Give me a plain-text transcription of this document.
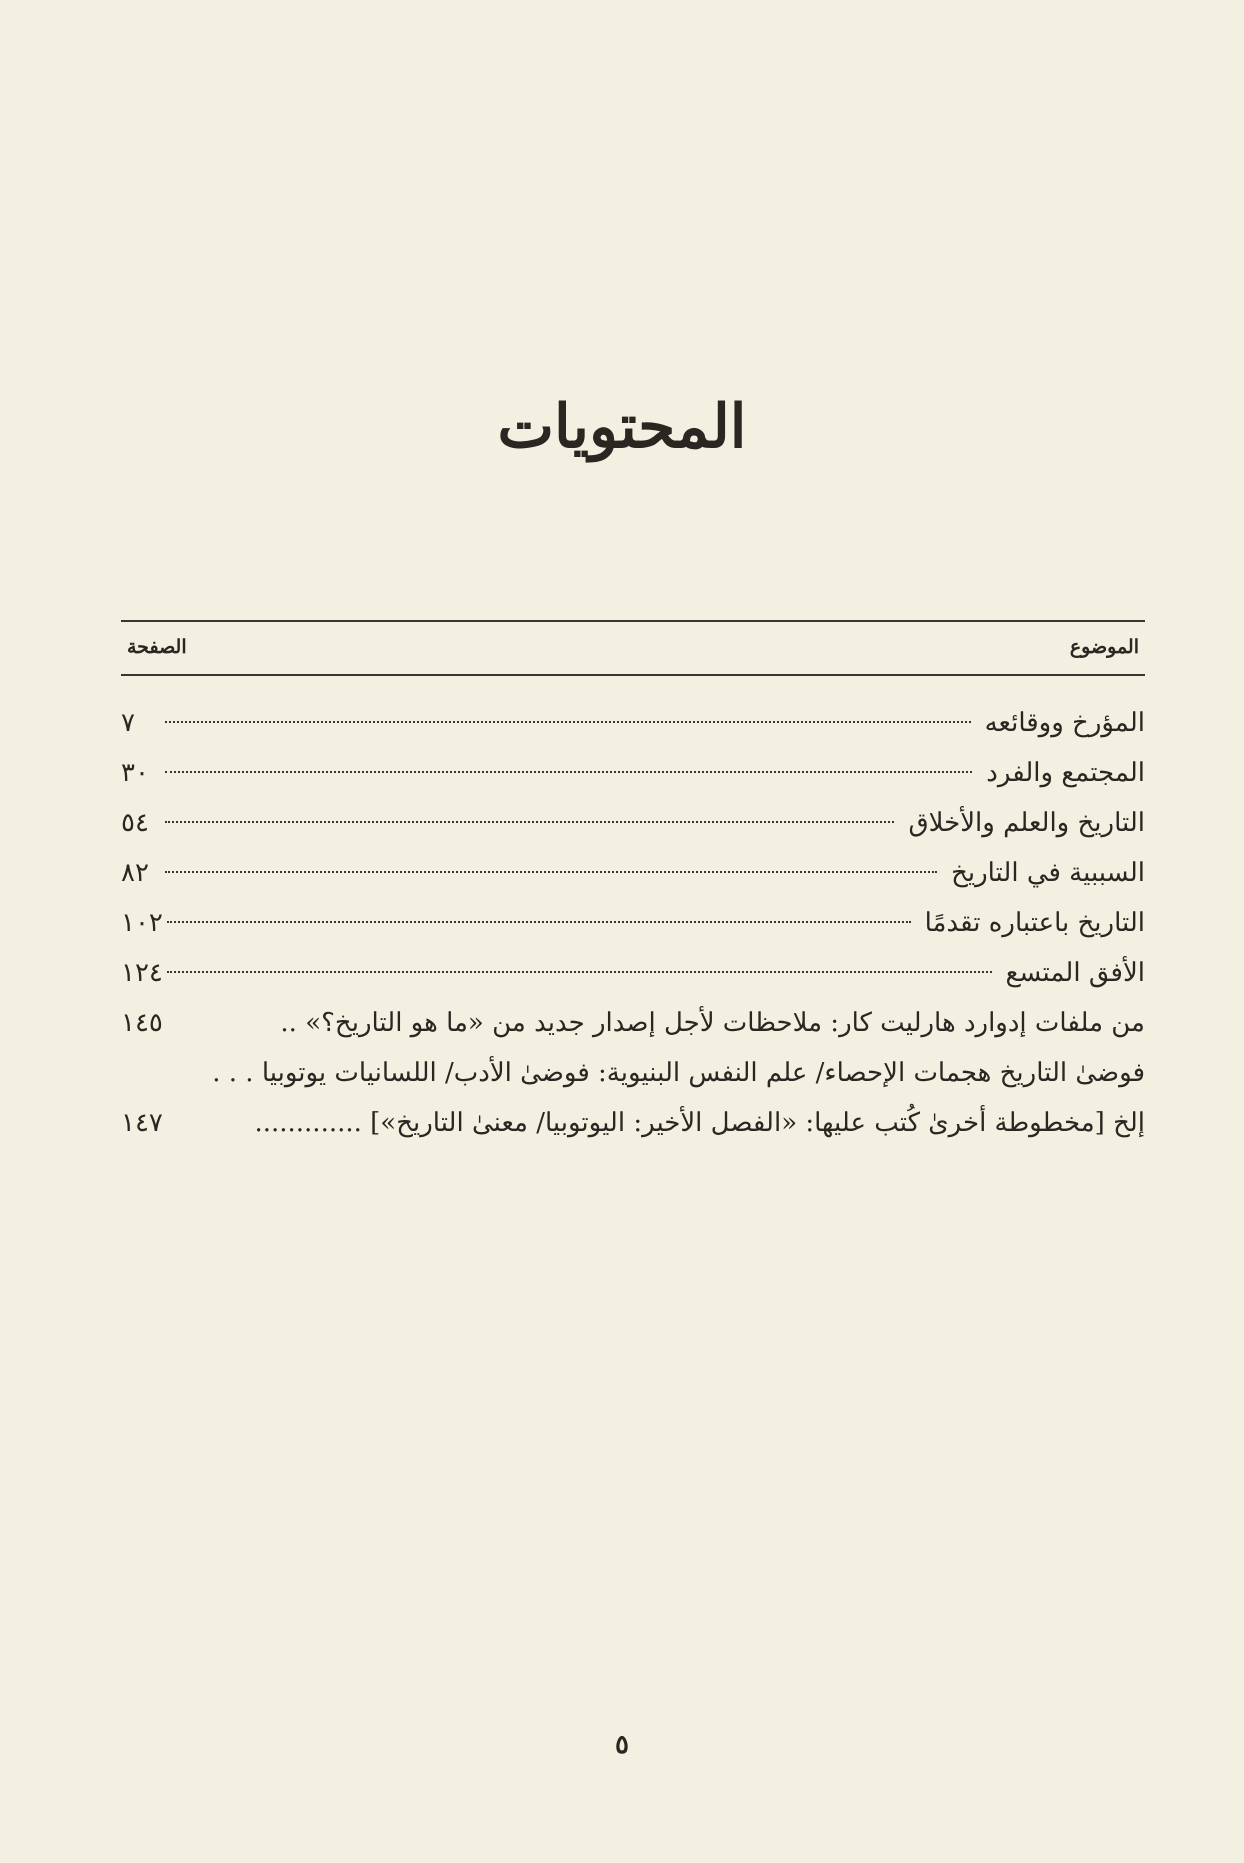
المحتويات
الموضوع
الصفحة
المؤرخ ووقائعه
٧
المجتمع والفرد
٣٠
التاريخ والعلم والأخلاق
٥٤
السببية في التاريخ
٨٢
التاريخ باعتباره تقدمًا
١٠٢
الأفق المتسع
١٢٤
من ملفات إدوارد هارليت كار: ملاحظات لأجل إصدار جديد من «ما هو التاريخ؟» ..
١٤٥
فوضىٰ التاريخ هجمات الإحصاء/ علم النفس البنيوية: فوضىٰ الأدب/ اللسانيات يوتوبيا . . .
إلخ [مخطوطة أخرىٰ كُتب عليها: «الفصل الأخير: اليوتوبيا/ معنىٰ التاريخ»] .............
١٤٧
٥
